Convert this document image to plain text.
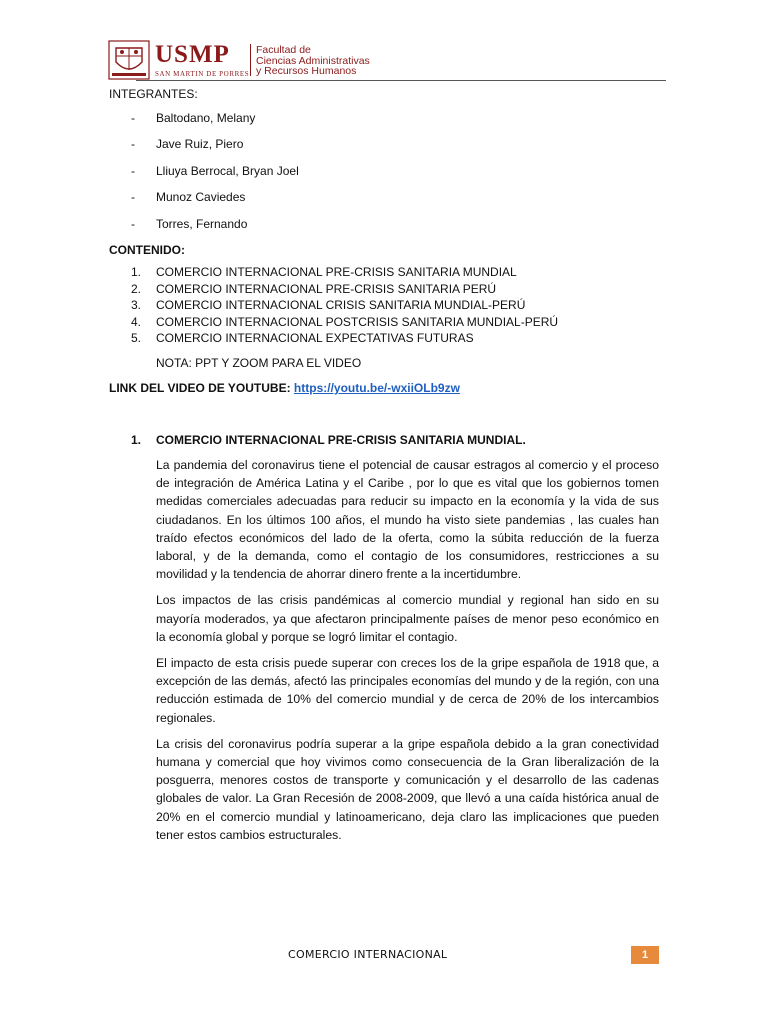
USMP
SAN MARTIN DE PORRES
Facultad de
Ciencias Administrativas
y Recursos Humanos

INTEGRANTES:

- Baltodano, Melany
- Jave Ruiz, Piero
- Lliuya Berrocal, Bryan Joel
- Munoz Caviedes
- Torres, Fernando

CONTENIDO:

1. COMERCIO INTERNACIONAL PRE-CRISIS SANITARIA MUNDIAL
2. COMERCIO INTERNACIONAL PRE-CRISIS SANITARIA PERÚ
3. COMERCIO INTERNACIONAL CRISIS SANITARIA MUNDIAL-PERÚ
4. COMERCIO INTERNACIONAL POSTCRISIS SANITARIA MUNDIAL-PERÚ
5. COMERCIO INTERNACIONAL EXPECTATIVAS FUTURAS

NOTA: PPT Y ZOOM PARA EL VIDEO

LINK DEL VIDEO DE YOUTUBE: https://youtu.be/-wxiiOLb9zw

1. COMERCIO INTERNACIONAL PRE-CRISIS SANITARIA MUNDIAL.

La pandemia del coronavirus tiene el potencial de causar estragos al comercio y el proceso de integración de América Latina y el Caribe , por lo que es vital que los gobiernos tomen medidas comerciales adecuadas para reducir su impacto en la economía y la vida de sus ciudadanos. En los últimos 100 años, el mundo ha visto siete pandemias , las cuales han traído efectos económicos del lado de la oferta, como la súbita reducción de la fuerza laboral, y de la demanda, como el contagio de los consumidores, restricciones a su movilidad y la tendencia de ahorrar dinero frente a la incertidumbre.

Los impactos de las crisis pandémicas al comercio mundial y regional han sido en su mayoría moderados, ya que afectaron principalmente países de menor peso económico en la economía global y porque se logró limitar el contagio.

El impacto de esta crisis puede superar con creces los de la gripe española de 1918 que, a excepción de las demás, afectó las principales economías del mundo y de la región, con una reducción estimada de 10% del comercio mundial y de cerca de 20% de los intercambios regionales.

La crisis del coronavirus podría superar a la gripe española debido a la gran conectividad humana y comercial que hoy vivimos como consecuencia de la Gran liberalización de la posguerra, menores costos de transporte y comunicación y el desarrollo de las cadenas globales de valor. La Gran Recesión de 2008-2009, que llevó a una caída histórica anual de 20% en el comercio mundial y latinoamericano, deja claro las implicaciones que pueden tener estos cambios estructurales.

COMERCIO INTERNACIONAL	1
